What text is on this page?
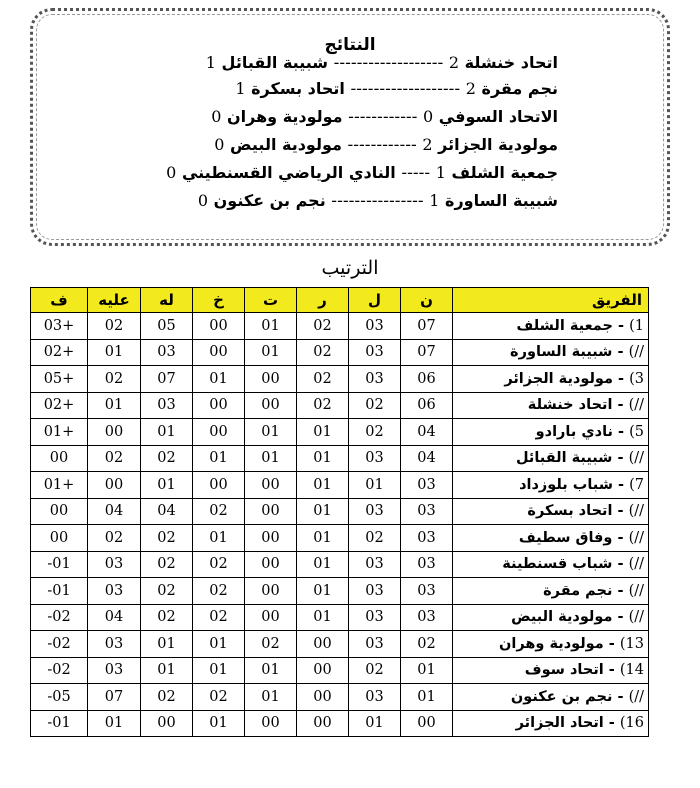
النتائج
اتحاد خنشلة 2 ------------------- شبيبة القبائل 1
نجم مقرة 2 ------------------- اتحاد بسكرة 1
الاتحاد السوفي 0 ------------ مولودية وهران 0
مولودية الجزائر 2 ------------ مولودية البيض 0
جمعية الشلف 1 ----- النادي الرياضي القسنطيني 0
شبيبة الساورة 1 ---------------- نجم بن عكنون 0
الترتيب
الفريق	ن	ل	ر	ت	خ	له	عليه	ف
1) - جمعية الشلف	07	03	02	01	00	05	02	+03
//) - شبيبة الساورة	07	03	02	01	00	03	01	+02
3) - مولودية الجزائر	06	03	02	00	01	07	02	+05
//) - اتحاد خنشلة	06	02	02	00	00	03	01	+02
5) - نادي بارادو	04	02	01	01	00	01	00	+01
//) - شبيبة القبائل	04	03	01	01	01	02	02	00
7) - شباب بلوزداد	03	01	01	00	00	01	00	+01
//) - اتحاد بسكرة	03	03	01	00	02	04	04	00
//) - وفاق سطيف	03	02	01	00	01	02	02	00
//) - شباب قسنطينة	03	03	01	00	02	02	03	01-
//) - نجم مقرة	03	03	01	00	02	02	03	01-
//) - مولودية البيض	03	03	01	00	02	02	04	02-
13) - مولودية وهران	02	03	00	02	01	01	03	02-
14) - اتحاد سوف	01	02	00	01	01	01	03	02-
//) - نجم بن عكنون	01	03	00	01	02	02	07	05-
16) - اتحاد الجزائر	00	01	00	00	01	00	01	01-
